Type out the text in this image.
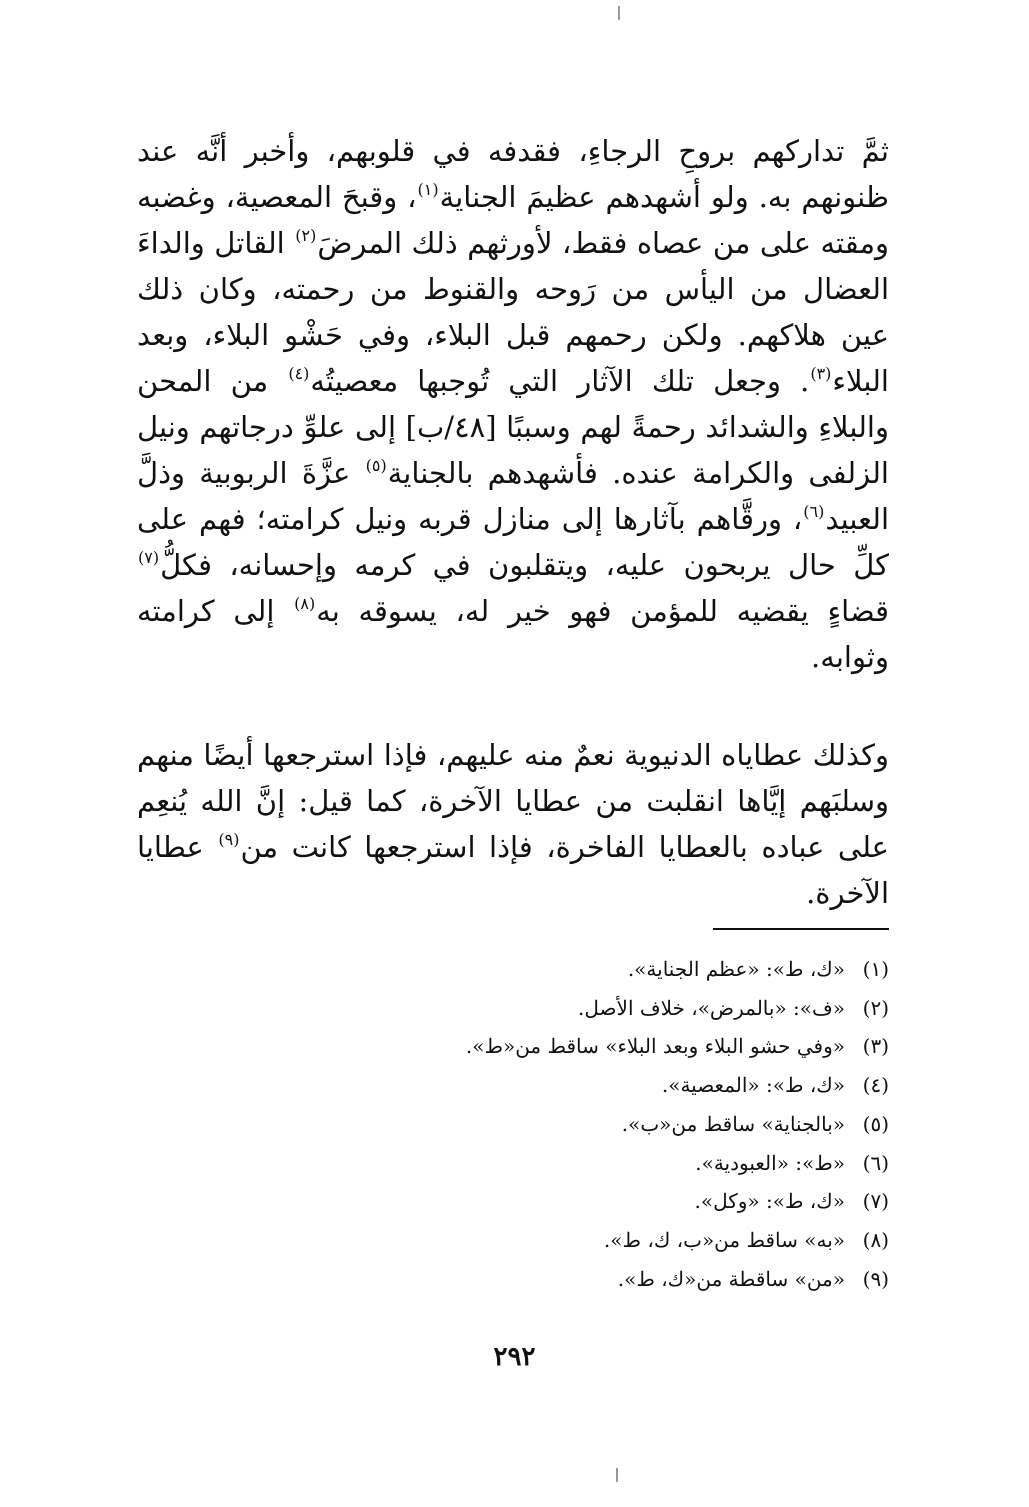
ثمَّ تداركهم بروحِ الرجاءِ، فقدفه في قلوبهم، وأخبر أنَّه عند ظنونهم به. ولو أشهدهم عظيمَ الجناية$^{(١)}$، وقبحَ المعصية، وغضبه ومقته على من عصاه فقط، لأورثهم ذلك المرضَ$^{(٢)}$ القاتل والداءَ العضال من اليأس من رَوحه والقنوط من رحمته، وكان ذلك عين هلاكهم. ولكن رحمهم قبل البلاء، وفي حَشْو البلاء، وبعد البلاء$^{(٣)}$. وجعل تلك الآثار التي تُوجبها معصيتُه$^{(٤)}$ من المحن والبلاءِ والشدائد رحمةً لهم وسببًا [٤٨/ب] إلى علوِّ درجاتهم ونيل الزلفى والكرامة عنده. فأشهدهم بالجناية$^{(٥)}$ عزَّةَ الربوبية وذلَّ العبيد$^{(٦)}$، ورقَّاهم بآثارها إلى منازل قربه ونيل كرامته؛ فهم على كلِّ حال يربحون عليه، ويتقلبون في كرمه وإحسانه، فكلُّ$^{(٧)}$ قضاءٍ يقضيه للمؤمن فهو خير له، يسوقه به$^{(٨)}$ إلى كرامته وثوابه.

وكذلك عطاياه الدنيوية نعمٌ منه عليهم، فإذا استرجعها أيضًا منهم وسلبَهم إيَّاها انقلبت من عطايا الآخرة، كما قيل: إنَّ الله يُنعِم على عباده بالعطايا الفاخرة، فإذا استرجعها كانت من$^{(٩)}$ عطايا الآخرة.

(١)
«ك، ط»: «عظم الجناية».
(٢)
«ف»: «بالمرض»، خلاف الأصل.
(٣)
«وفي حشو البلاء وبعد البلاء» ساقط من«ط».
(٤)
«ك، ط»: «المعصية».
(٥)
«بالجناية» ساقط من«ب».
(٦)
«ط»: «العبودية».
(٧)
«ك، ط»: «وكل».
(٨)
«به» ساقط من«ب، ك، ط».
(٩)
«من» ساقطة من«ك، ط».
٢٩٢
